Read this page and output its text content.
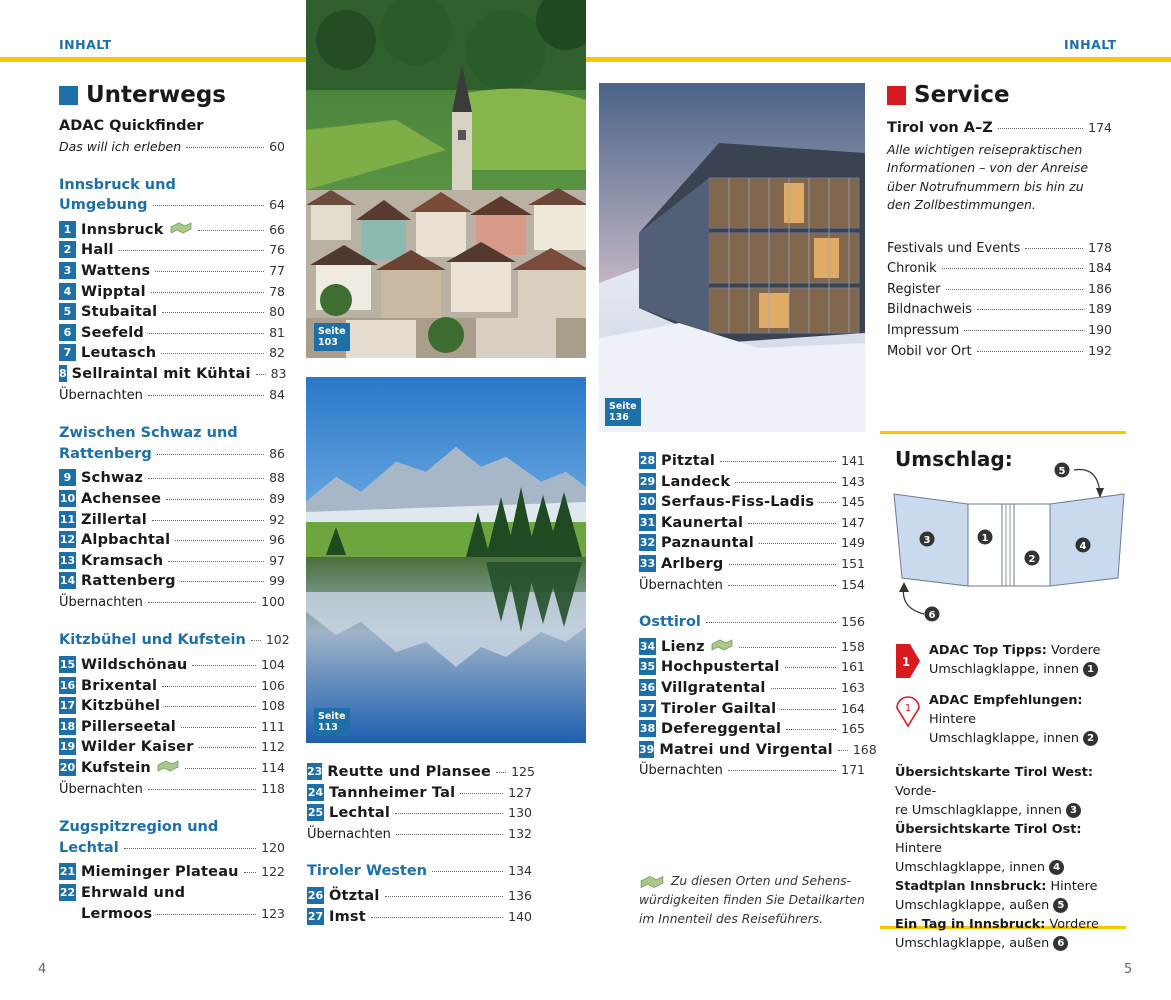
INHALT	INHALT
Unterwegs
ADAC Quickfinder
Das will ich erleben	60
Innsbruck und
Umgebung	64
1 Innsbruck	66
2 Hall	76
3 Wattens	77
4 Wipptal	78
5 Stubaital	80
6 Seefeld	81
7 Leutasch	82
8 Sellraintal mit Kühtai 83
Übernachten	84
Zwischen Schwaz und
Rattenberg	86
9 Schwaz	88
10 Achensee	89
11 Zillertal	92
12 Alpbachtal	96
13 Kramsach	97
14 Rattenberg	99
Übernachten	100
Kitzbühel und Kufstein 102
15 Wildschönau	104
16 Brixental	106
17 Kitzbühel	108
18 Pillerseetal	111
19 Wilder Kaiser	112
20 Kufstein	114
Übernachten	118
Zugspitzregion und
Lechtal	120
21 Mieminger Plateau 122
22 Ehrwald und
Lermoos	123
Seite
103
Seite
113
Seite
136
23 Reutte und Plansee 125
24 Tannheimer Tal	127
25 Lechtal	130
Übernachten	132
Tiroler Westen	134
26 Ötztal	136
27 Imst	140
28 Pitztal	141
29 Landeck	143
30 Serfaus-Fiss-Ladis 145
31 Kaunertal	147
32 Paznauntal	149
33 Arlberg	151
Übernachten	154
Osttirol	156
34 Lienz	158
35 Hochpustertal	161
36 Villgratental	163
37 Tiroler Gailtal	164
38 Defereggental	165
39 Matrei und Virgental 168
Übernachten	171
Zu diesen Orten und Sehens-
würdigkeiten finden Sie Detailkarten
im Innenteil des Reiseführers.
Service
Tirol von A–Z	174
Alle wichtigen reisepraktischen
Informationen – von der Anreise
über Notrufnummern bis hin zu
den Zollbestimmungen.
Festivals und Events	178
Chronik	184
Register	186
Bildnachweis	189
Impressum	190
Mobil vor Ort	192
Umschlag:
1
2
3
4
5
6
1
ADAC Top Tipps: Vordere
Umschlagklappe, innen 1
1
ADAC Empfehlungen: Hintere
Umschlagklappe, innen 2
Übersichtskarte Tirol West: Vorde-
re Umschlagklappe, innen 3
Übersichtskarte Tirol Ost: Hintere
Umschlagklappe, innen 4
Stadtplan Innsbruck: Hintere
Umschlagklappe, außen 5
Ein Tag in Innsbruck: Vordere
Umschlagklappe, außen 6
4	5
